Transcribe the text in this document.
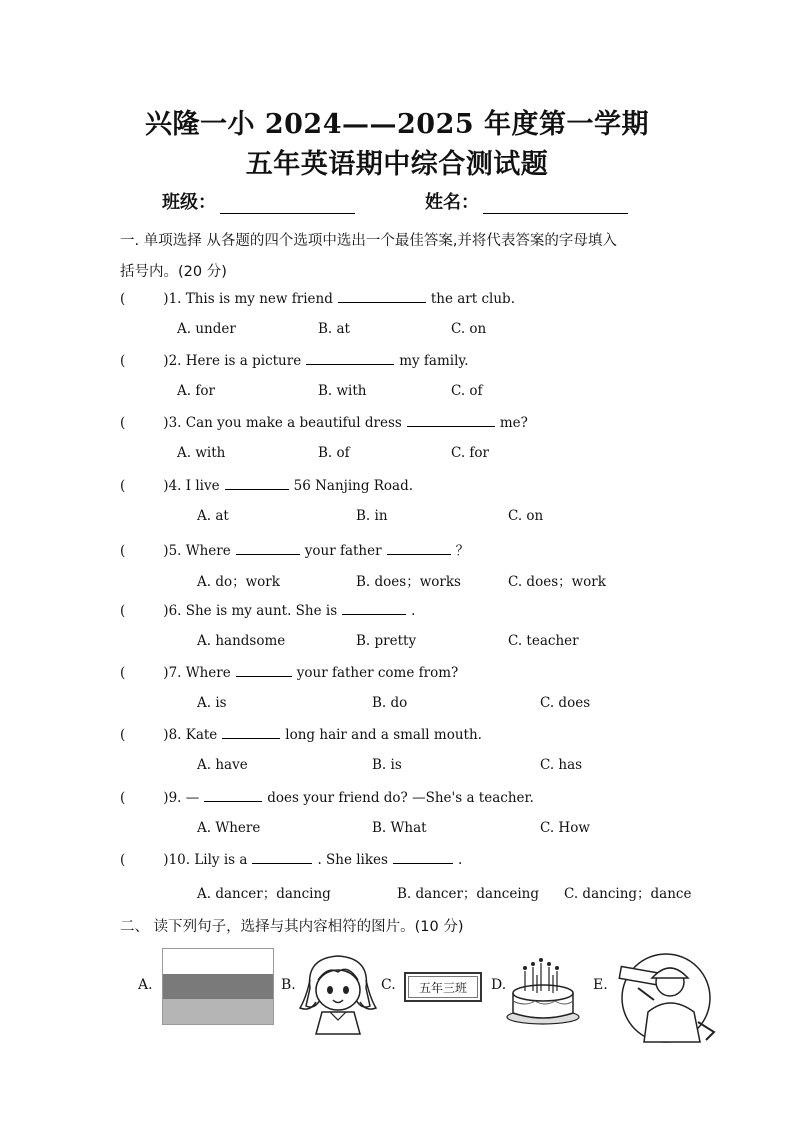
兴隆一小 2024——2025 年度第一学期
五年英语期中综合测试题
班级：	姓名：
一. 单项选择 从各题的四个选项中选出一个最佳答案,并将代表答案的字母填入
括号内。(20 分)
(	)1. This is my new friend	the art club.
A. under	B. at	C. on
(	)2. Here is a picture	my family.
A. for	B. with	C. of
(	)3. Can you make a beautiful dress	me?
A. with	B. of	C. for
(	)4. I live	56 Nanjing Road.
A. at	B. in	C. on
(	)5. Where	your father	？
A. do；work	B. does；works	C. does；work
(	)6. She is my aunt. She is	.
A. handsome	B. pretty	C. teacher
(	)7. Where	your father come from?
A. is	B. do	C. does
(	)8. Kate	long hair and a small mouth.
A. have	B. is	C. has
(	)9. —	does your friend do? —She's a teacher.
A. Where	B. What	C. How
(	)10. Lily is a	. She likes	.
A. dancer；dancing	B. dancer；danceing C. dancing；dance
二、 读下列句子，选择与其内容相符的图片。(10 分)
A.	B.	C.	五年三班	D.	E.
